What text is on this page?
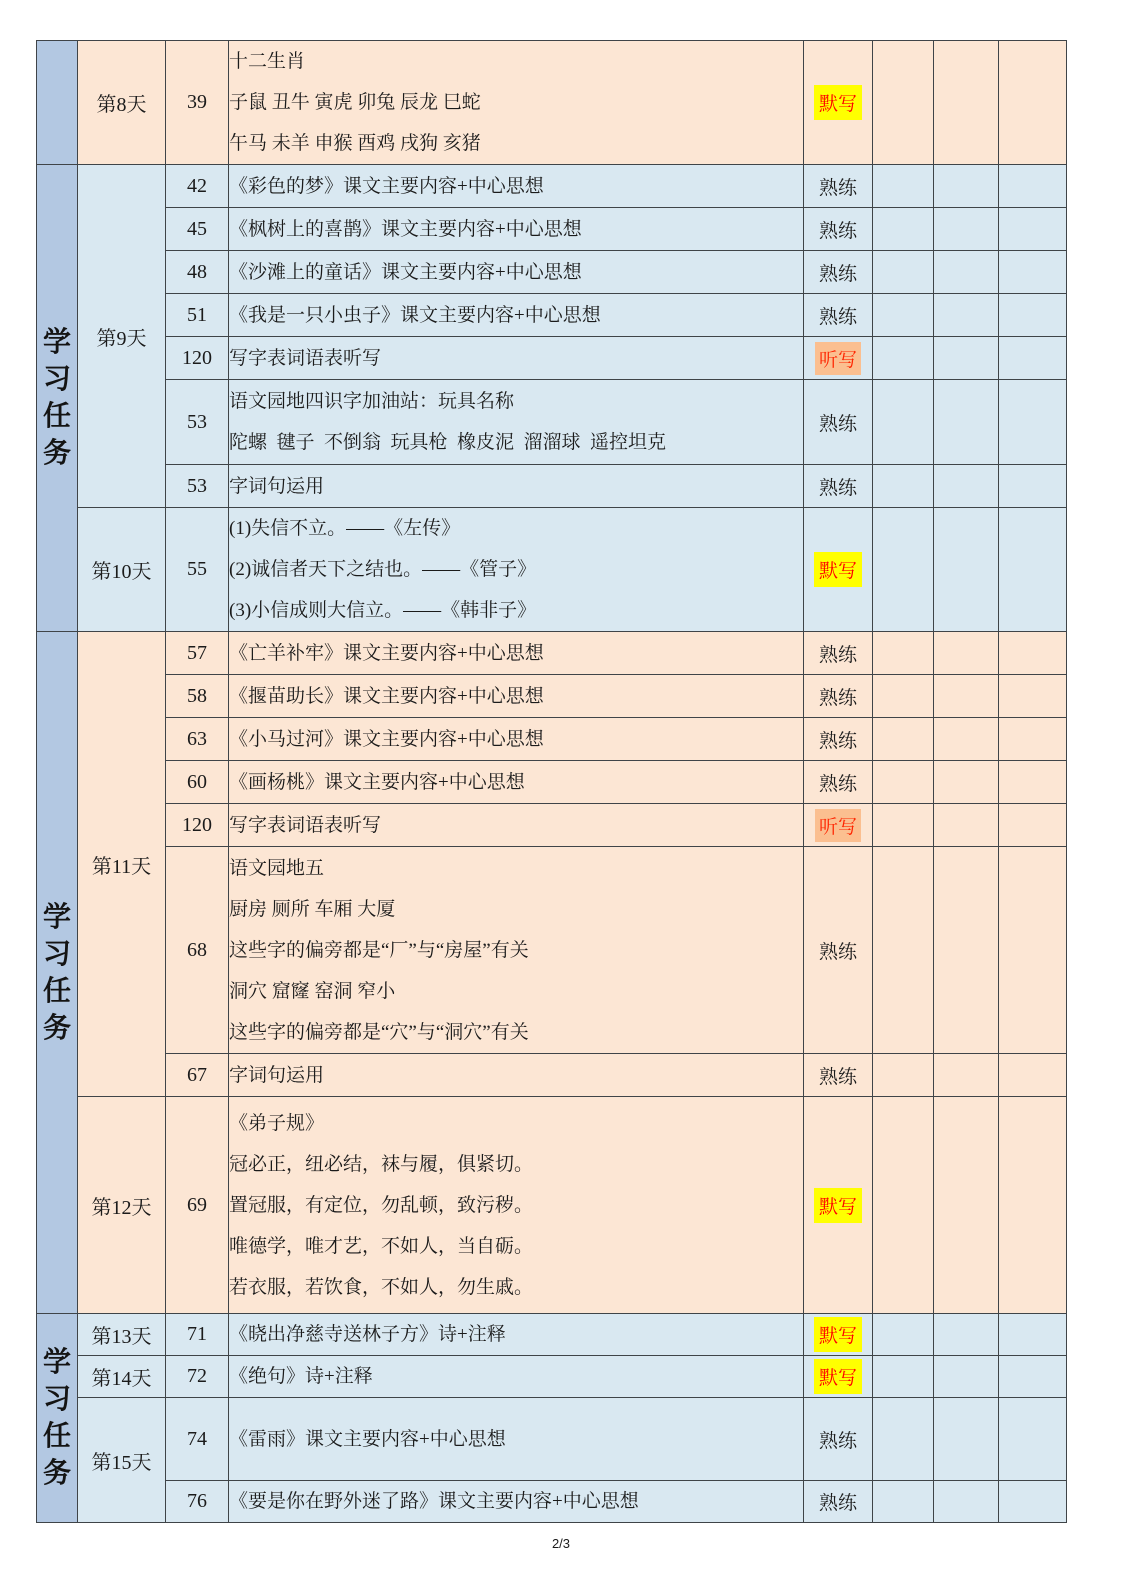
	第8天	39	十二生肖
子鼠 丑牛 寅虎 卯兔 辰龙 巳蛇
午马 未羊 申猴 酉鸡 戌狗 亥猪	默写			

学
习
任
务	第9天	42	《彩色的梦》课文主要内容+中心思想	熟练			
		45	《枫树上的喜鹊》课文主要内容+中心思想	熟练			
		48	《沙滩上的童话》课文主要内容+中心思想	熟练			
		51	《我是一只小虫子》课文主要内容+中心思想	熟练			
		120	写字表词语表听写	听写			
		53	语文园地四识字加油站：玩具名称
陀螺  毽子  不倒翁  玩具枪  橡皮泥  溜溜球  遥控坦克	熟练			
		53	字词句运用	熟练			
	第10天	55	(1)失信不立。——《左传》
(2)诚信者天下之结也。——《管子》
(3)小信成则大信立。——《韩非子》	默写			

学
习
任
务	第11天	57	《亡羊补牢》课文主要内容+中心思想	熟练			
		58	《揠苗助长》课文主要内容+中心思想	熟练			
		63	《小马过河》课文主要内容+中心思想	熟练			
		60	《画杨桃》课文主要内容+中心思想	熟练			
		120	写字表词语表听写	听写			
		68	语文园地五
厨房 厕所 车厢 大厦
这些字的偏旁都是“厂”与“房屋”有关
洞穴 窟窿 窑洞 窄小
这些字的偏旁都是“穴”与“洞穴”有关	熟练			
		67	字词句运用	熟练			
	第12天	69	《弟子规》
冠必正，纽必结，袜与履，俱紧切。
置冠服，有定位，勿乱顿，致污秽。
唯德学，唯才艺，不如人，当自砺。
若衣服，若饮食，不如人，勿生戚。	默写			

学
习
任
务	第13天	71	《晓出净慈寺送林子方》诗+注释	默写			
	第14天	72	《绝句》诗+注释	默写			
	第15天	74	《雷雨》课文主要内容+中心思想	熟练			
		76	《要是你在野外迷了路》课文主要内容+中心思想	熟练			
2/3
